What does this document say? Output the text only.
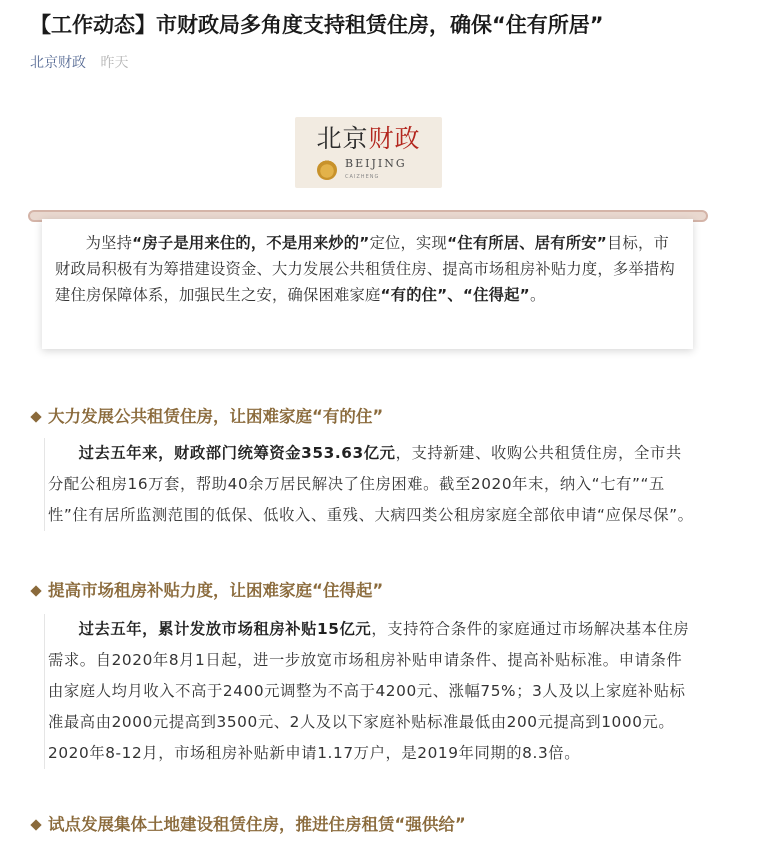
【工作动态】市财政局多角度支持租赁住房，确保“住有所居”
北京财政 昨天
北京财政
BEIJING
CAIZHENG

为坚持“房子是用来住的，不是用来炒的”定位，实现“住有所居、居有所安”目标，市财政局积极有为筹措建设资金、大力发展公共租赁住房、提高市场租房补贴力度，多举措构建住房保障体系，加强民生之安，确保困难家庭“有的住”、“住得起”。

大力发展公共租赁住房，让困难家庭“有的住”

过去五年来，财政部门统筹资金353.63亿元，支持新建、收购公共租赁住房，全市共分配公租房16万套，帮助40余万居民解决了住房困难。截至2020年末，纳入“七有”“五性”住有居所监测范围的低保、低收入、重残、大病四类公租房家庭全部依申请“应保尽保”。

提高市场租房补贴力度，让困难家庭“住得起”

过去五年，累计发放市场租房补贴15亿元，支持符合条件的家庭通过市场解决基本住房需求。自2020年8月1日起，进一步放宽市场租房补贴申请条件、提高补贴标准。申请条件由家庭人均月收入不高于2400元调整为不高于4200元、涨幅75%；3人及以上家庭补贴标准最高由2000元提高到3500元、2人及以下家庭补贴标准最低由200元提高到1000元。2020年8-12月，市场租房补贴新申请1.17万户，是2019年同期的8.3倍。

试点发展集体土地建设租赁住房，推进住房租赁“强供给”
